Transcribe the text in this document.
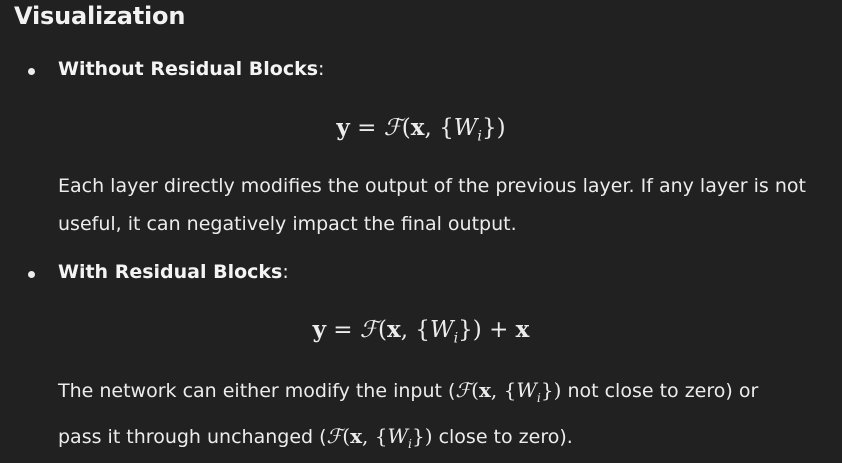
Visualization
Without Residual Blocks:
y = ℱ(x, $\{W_i\}$)
Each layer directly modifies the output of the previous layer. If any layer is not useful, it can negatively impact the final output.
With Residual Blocks:
y = ℱ(x, $\{W_i\}) + x$
The network can either modify the input (ℱ(x, $\{W_i\}$) not close to zero) or
pass it through unchanged (ℱ(x, $\{W_i\}$) close to zero).
